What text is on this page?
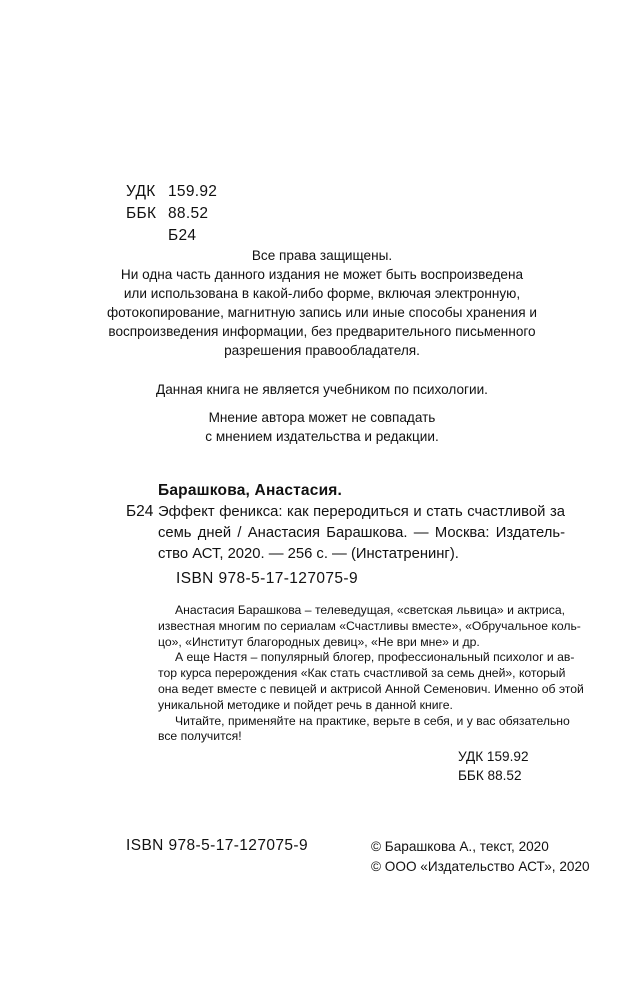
УДК 159.92
ББК 88.52
Б24
Все права защищены.
Ни одна часть данного издания не может быть воспроизведена
или использована в какой-либо форме, включая электронную,
фотокопирование, магнитную запись или иные способы хранения и
воспроизведения информации, без предварительного письменного
разрешения правообладателя.
Данная книга не является учебником по психологии.
Мнение автора может не совпадать
с мнением издательства и редакции.
Барашкова, Анастасия.
Б24 Эффект феникса: как переродиться и стать счастливой за
семь дней / Анастасия Барашкова. — Москва: Издатель-
ство АСТ, 2020. — 256 с. — (Инстатренинг).
ISBN 978-5-17-127075-9
Анастасия Барашкова – телеведущая, «светская львица» и актриса,
известная многим по сериалам «Счастливы вместе», «Обручальное коль-
цо», «Институт благородных девиц», «Не ври мне» и др.
А еще Настя – популярный блогер, профессиональный психолог и ав-
тор курса перерождения «Как стать счастливой за семь дней», который
она ведет вместе с певицей и актрисой Анной Семенович. Именно об этой
уникальной методике и пойдет речь в данной книге.
Читайте, применяйте на практике, верьте в себя, и у вас обязательно
все получится!
УДК 159.92
ББК 88.52
ISBN 978-5-17-127075-9	© Барашкова А., текст, 2020
© ООО «Издательство АСТ», 2020
